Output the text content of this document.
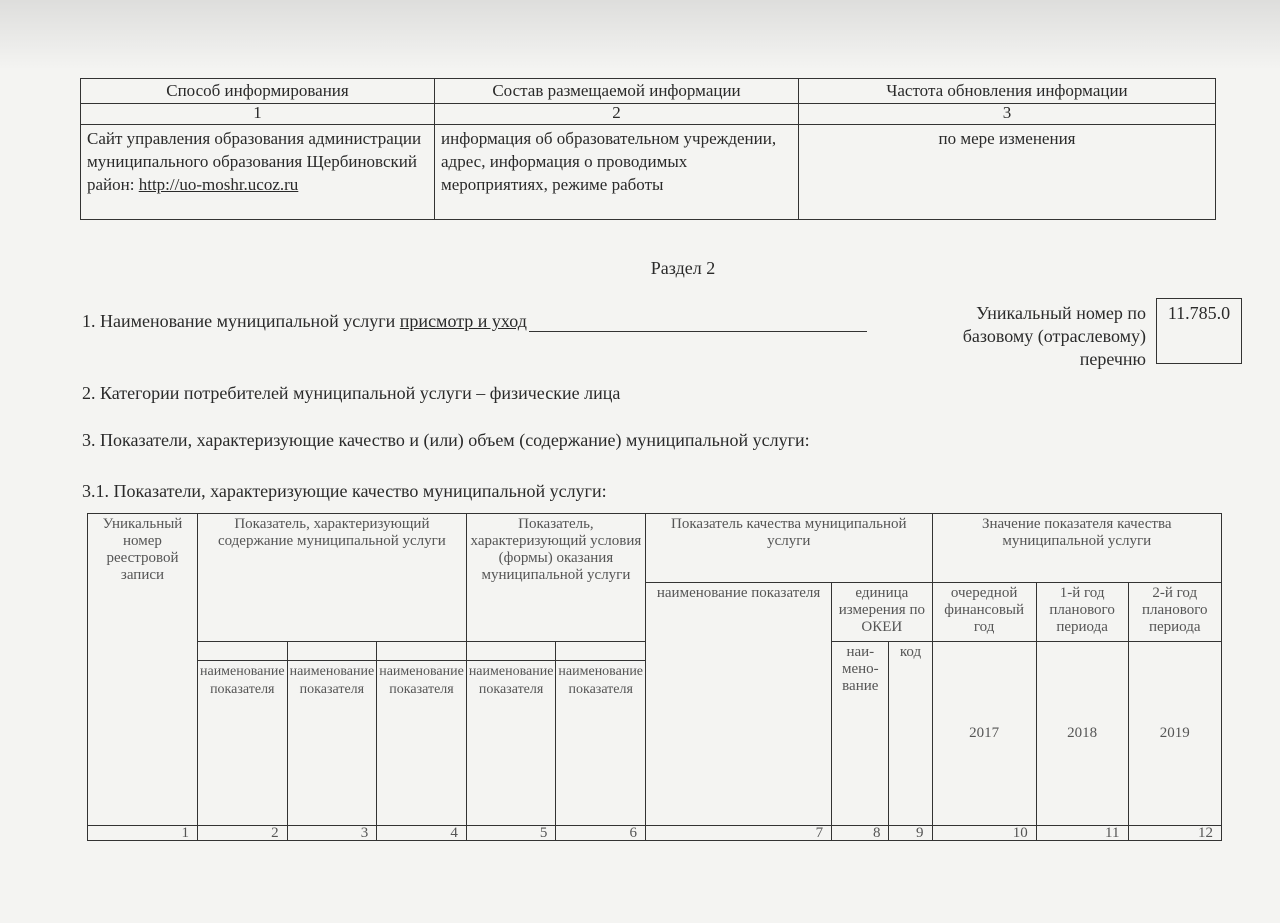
Способ информирования	Состав размещаемой информации	Частота обновления информации
1	2	3
Сайт управления образования администрации муниципального образования Щербиновский район: http://uo-moshr.ucoz.ru	информация об образовательном учреждении, адрес, информация о проводимых мероприятиях, режиме работы	по мере изменения
Раздел 2
1. Наименование муниципальной услуги присмотр и уход	Уникальный номер по базовому (отраслевому) перечню
11.785.0
2. Категории потребителей муниципальной услуги – физические лица
3. Показатели, характеризующие качество и (или) объем (содержание) муниципальной услуги:
3.1. Показатели, характеризующие качество муниципальной услуги:
Уникальный номер реестровой записи	Показатель, характеризующий содержание муниципальной услуги			Показатель, характеризующий условия (формы) оказания муниципальной услуги		Показатель качества муниципальной услуги			Значение показателя качества муниципальной услуги		
						наименование показателя	единица измерения по ОКЕИ		очередной финансовый год	1-й год планового периода	2-й год планового периода
							наи-мено-вание	код	2017	2018	2019
	наименование показателя	наименование показателя	наименование показателя	наименование показателя	наименование показателя						
1	2	3	4	5	6	7	8	9	10	11	12
